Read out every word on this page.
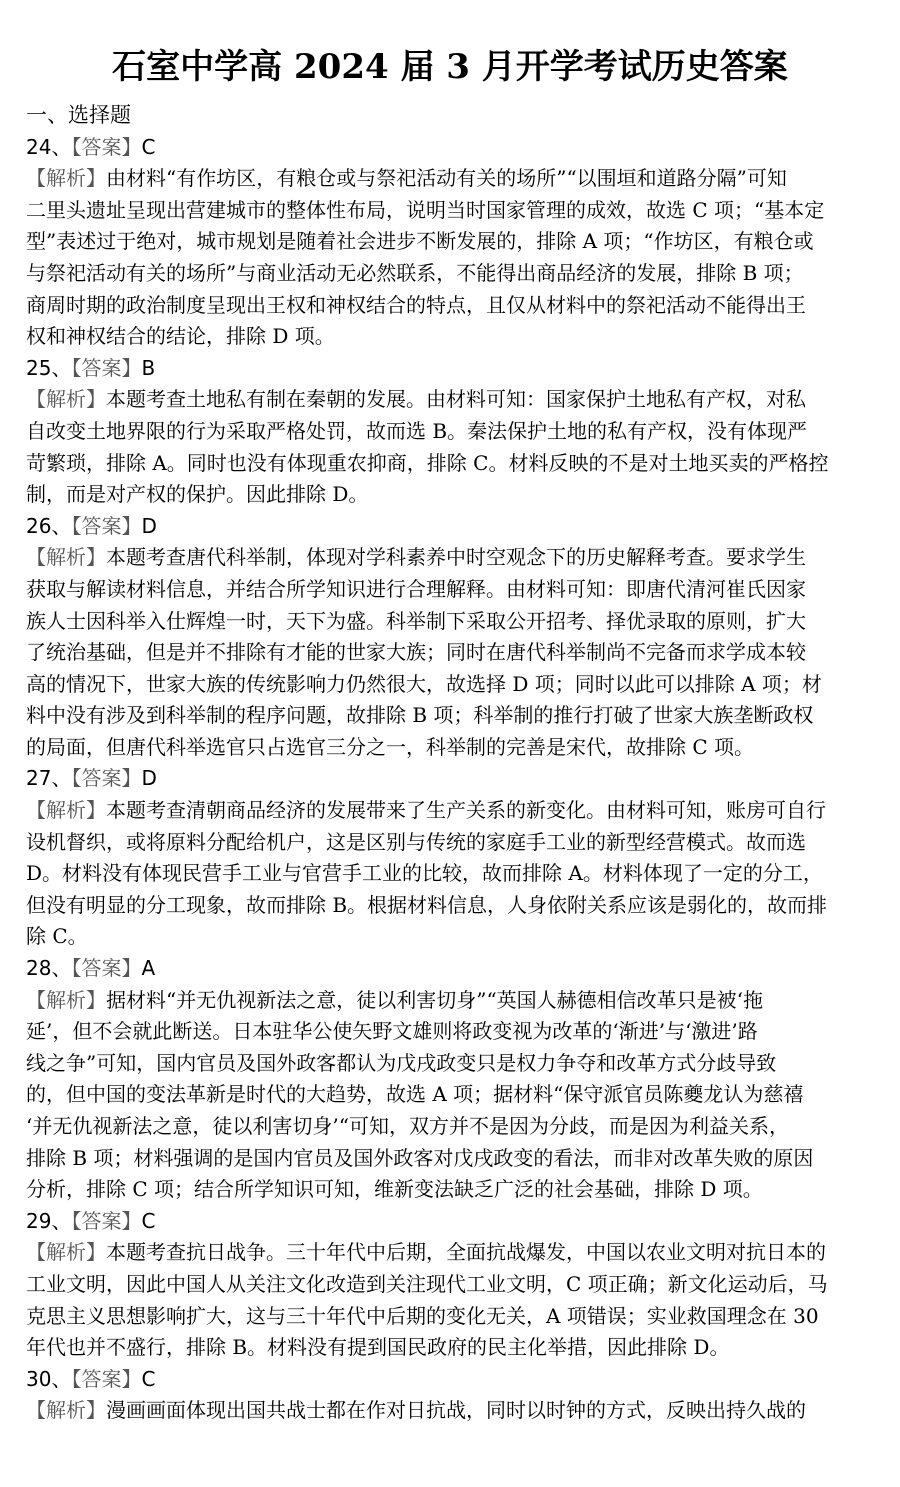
石室中学高 2024 届 3 月开学考试历史答案
一、选择题
24、【答案】C
【解析】由材料“有作坊区，有粮仓或与祭祀活动有关的场所”“以围垣和道路分隔”可知
二里头遗址呈现出营建城市的整体性布局，说明当时国家管理的成效，故选 C 项；“基本定
型”表述过于绝对，城市规划是随着社会进步不断发展的，排除 A 项；“作坊区，有粮仓或
与祭祀活动有关的场所”与商业活动无必然联系，不能得出商品经济的发展，排除 B 项；
商周时期的政治制度呈现出王权和神权结合的特点，且仅从材料中的祭祀活动不能得出王
权和神权结合的结论，排除 D 项。
25、【答案】B
【解析】本题考查土地私有制在秦朝的发展。由材料可知：国家保护土地私有产权，对私
自改变土地界限的行为采取严格处罚，故而选 B。秦法保护土地的私有产权，没有体现严
苛繁琐，排除 A。同时也没有体现重农抑商，排除 C。材料反映的不是对土地买卖的严格控
制，而是对产权的保护。因此排除 D。
26、【答案】D
【解析】本题考查唐代科举制，体现对学科素养中时空观念下的历史解释考查。要求学生
获取与解读材料信息，并结合所学知识进行合理解释。由材料可知：即唐代清河崔氏因家
族人士因科举入仕辉煌一时，天下为盛。科举制下采取公开招考、择优录取的原则，扩大
了统治基础，但是并不排除有才能的世家大族；同时在唐代科举制尚不完备而求学成本较
高的情况下，世家大族的传统影响力仍然很大，故选择 D 项；同时以此可以排除 A 项；材
料中没有涉及到科举制的程序问题，故排除 B 项；科举制的推行打破了世家大族垄断政权
的局面，但唐代科举选官只占选官三分之一，科举制的完善是宋代，故排除 C 项。
27、【答案】D
【解析】本题考查清朝商品经济的发展带来了生产关系的新变化。由材料可知，账房可自行
设机督织，或将原料分配给机户，这是区别与传统的家庭手工业的新型经营模式。故而选
D。材料没有体现民营手工业与官营手工业的比较，故而排除 A。材料体现了一定的分工，
但没有明显的分工现象，故而排除 B。根据材料信息，人身依附关系应该是弱化的，故而排
除 C。
28、【答案】A
【解析】据材料“并无仇视新法之意，徒以利害切身”“英国人赫德相信改革只是被‘拖
延’，但不会就此断送。日本驻华公使矢野文雄则将政变视为改革的‘渐进’与‘激进’路
线之争”可知，国内官员及国外政客都认为戊戌政变只是权力争夺和改革方式分歧导致
的，但中国的变法革新是时代的大趋势，故选 A 项；据材料“保守派官员陈夔龙认为慈禧
‘并无仇视新法之意，徒以利害切身’“可知，双方并不是因为分歧，而是因为利益关系，
排除 B 项；材料强调的是国内官员及国外政客对戊戌政变的看法，而非对改革失败的原因
分析，排除 C 项；结合所学知识可知，维新变法缺乏广泛的社会基础，排除 D 项。
29、【答案】C
【解析】本题考查抗日战争。三十年代中后期，全面抗战爆发，中国以农业文明对抗日本的
工业文明，因此中国人从关注文化改造到关注现代工业文明，C 项正确；新文化运动后，马
克思主义思想影响扩大，这与三十年代中后期的变化无关，A 项错误；实业救国理念在 30
年代也并不盛行，排除 B。材料没有提到国民政府的民主化举措，因此排除 D。
30、【答案】C
【解析】漫画画面体现出国共战士都在作对日抗战，同时以时钟的方式，反映出持久战的
